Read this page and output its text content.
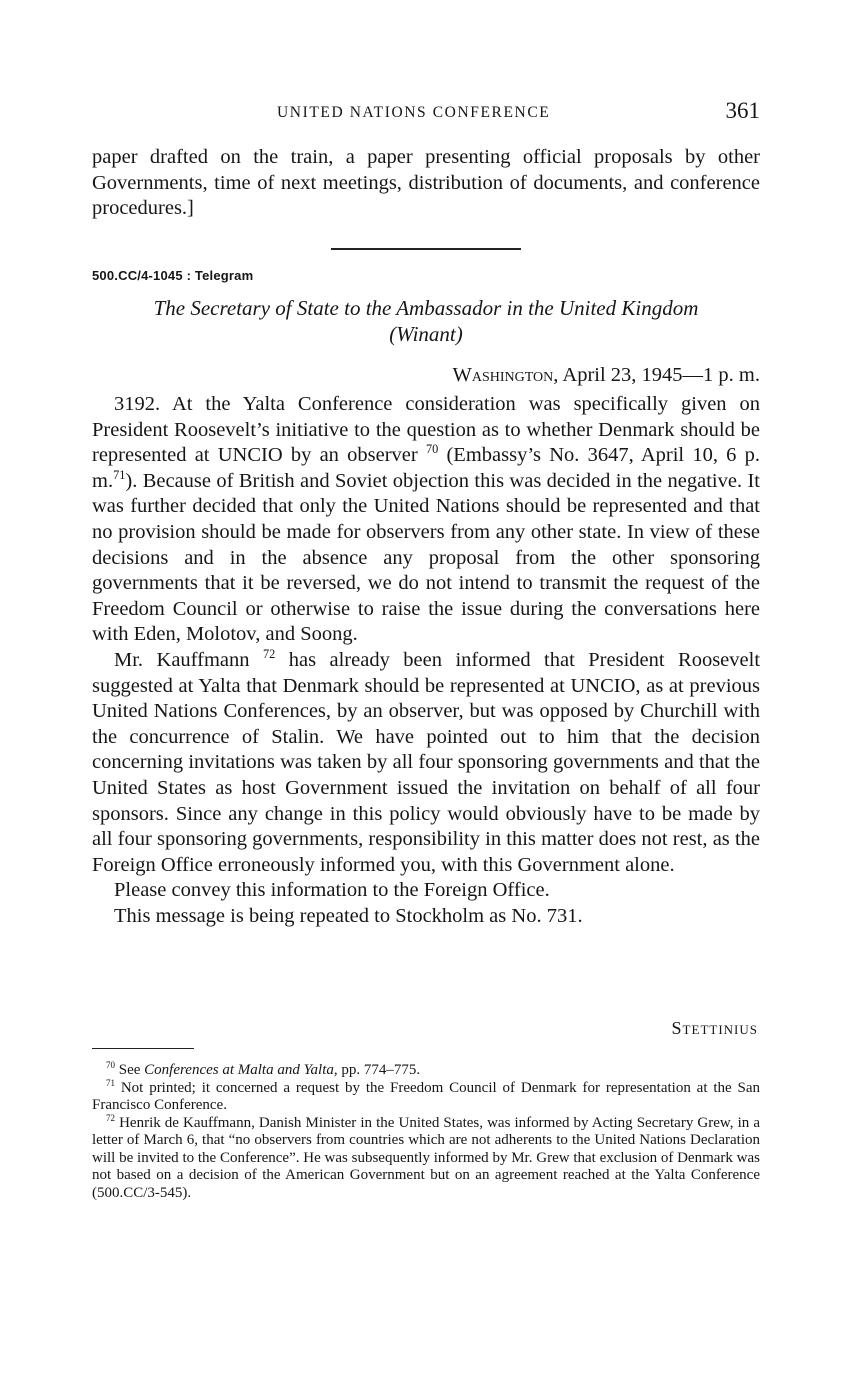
UNITED NATIONS CONFERENCE	361
paper drafted on the train, a paper presenting official proposals by other Governments, time of next meetings, distribution of documents, and conference procedures.]
500.CC/4-1045 : Telegram
The Secretary of State to the Ambassador in the United Kingdom
(Winant)
Washington, April 23, 1945—1 p. m.

3192. At the Yalta Conference consideration was specifically given on President Roosevelt’s initiative to the question as to whether Denmark should be represented at UNCIO by an observer $^{70}$ (Embassy’s No. 3647, April 10, 6 p. m.$^{71}$). Because of British and Soviet objection this was decided in the negative. It was further decided that only the United Nations should be represented and that no provision should be made for observers from any other state. In view of these decisions and in the absence any proposal from the other sponsoring governments that it be reversed, we do not intend to transmit the request of the Freedom Council or otherwise to raise the issue during the conversations here with Eden, Molotov, and Soong.

Mr. Kauffmann $^{72}$ has already been informed that President Roosevelt suggested at Yalta that Denmark should be represented at UNCIO, as at previous United Nations Conferences, by an observer, but was opposed by Churchill with the concurrence of Stalin. We have pointed out to him that the decision concerning invitations was taken by all four sponsoring governments and that the United States as host Government issued the invitation on behalf of all four sponsors. Since any change in this policy would obviously have to be made by all four sponsoring governments, responsibility in this matter does not rest, as the Foreign Office erroneously informed you, with this Government alone.

Please convey this information to the Foreign Office.

This message is being repeated to Stockholm as No. 731.

Stettinius

$^{70}$ See Conferences at Malta and Yalta, pp. 774–775.

$^{71}$ Not printed; it concerned a request by the Freedom Council of Denmark for representation at the San Francisco Conference.

$^{72}$ Henrik de Kauffmann, Danish Minister in the United States, was informed by Acting Secretary Grew, in a letter of March 6, that “no observers from countries which are not adherents to the United Nations Declaration will be invited to the Conference”. He was subsequently informed by Mr. Grew that exclusion of Denmark was not based on a decision of the American Government but on an agreement reached at the Yalta Conference (500.CC/3-545).
